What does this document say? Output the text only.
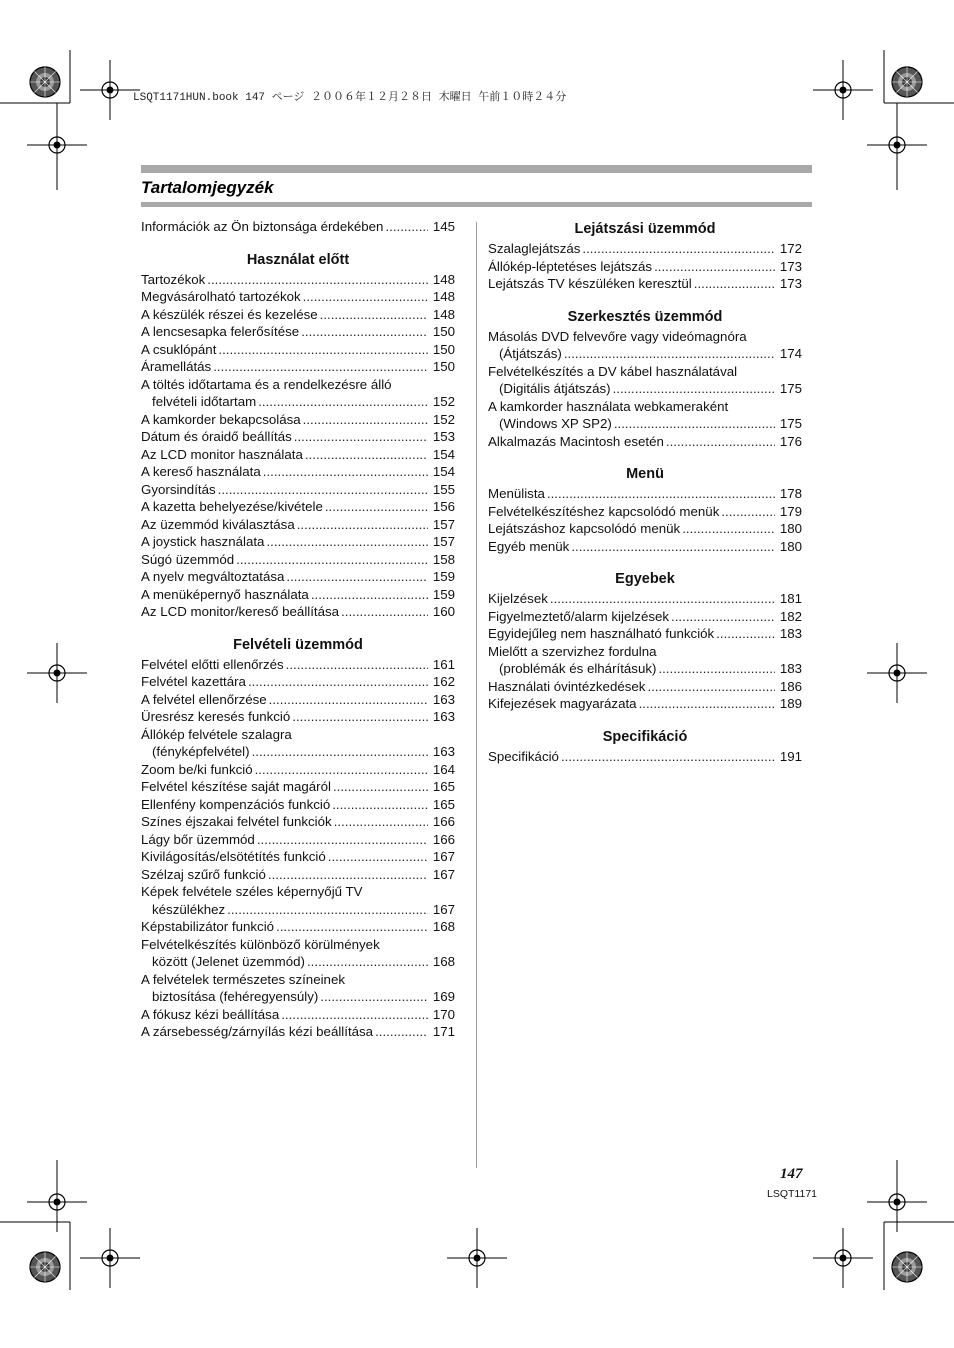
LSQT1171HUN.book 147 ページ ２００６年１２月２８日 木曜日 午前１０時２４分
Tartalomjegyzék
Információk az Ön biztonsága érdekében .....	145
Használat előtt
Tartozékok .....	148
Megvásárolható tartozékok .....	148
A készülék részei és kezelése .....	148
A lencsesapka felerősítése .....	150
A csuklópánt .....	150
Áramellátás .....	150
A töltés időtartama és a rendelkezésre álló
felvételi időtartam .....	152
A kamkorder bekapcsolása .....	152
Dátum és óraidő beállítás .....	153
Az LCD monitor használata .....	154
A kereső használata .....	154
Gyorsindítás .....	155
A kazetta behelyezése/kivétele .....	156
Az üzemmód kiválasztása .....	157
A joystick használata .....	157
Súgó üzemmód .....	158
A nyelv megváltoztatása .....	159
A menüképernyő használata .....	159
Az LCD monitor/kereső beállítása .....	160
Felvételi üzemmód
Felvétel előtti ellenőrzés .....	161
Felvétel kazettára .....	162
A felvétel ellenőrzése .....	163
Üresrész keresés funkció .....	163
Állókép felvétele szalagra
(fényképfelvétel) .....	163
Zoom be/ki funkció .....	164
Felvétel készítése saját magáról .....	165
Ellenfény kompenzációs funkció .....	165
Színes éjszakai felvétel funkciók .....	166
Lágy bőr üzemmód .....	166
Kivilágosítás/elsötétítés funkció .....	167
Szélzaj szűrő funkció .....	167
Képek felvétele széles képernyőjű TV
készülékhez .....	167
Képstabilizátor funkció .....	168
Felvételkészítés különböző körülmények
között (Jelenet üzemmód) .....	168
A felvételek természetes színeinek
biztosítása (fehéregyensúly) .....	169
A fókusz kézi beállítása .....	170
A zársebesség/zárnyílás kézi beállítása .....	171
Lejátszási üzemmód
Szalaglejátszás .....	172
Állókép-léptetéses lejátszás .....	173
Lejátszás TV készüléken keresztül .....	173
Szerkesztés üzemmód
Másolás DVD felvevőre vagy videómagnóra
(Átjátszás) .....	174
Felvételkészítés a DV kábel használatával
(Digitális átjátszás) .....	175
A kamkorder használata webkameraként
(Windows XP SP2) .....	175
Alkalmazás Macintosh esetén .....	176
Menü
Menülista .....	178
Felvételkészítéshez kapcsolódó menük .....	179
Lejátszáshoz kapcsolódó menük .....	180
Egyéb menük .....	180
Egyebek
Kijelzések .....	181
Figyelmeztető/alarm kijelzések .....	182
Egyidejűleg nem használható funkciók .....	183
Mielőtt a szervizhez fordulna
(problémák és elhárításuk) .....	183
Használati óvintézkedések .....	186
Kifejezések magyarázata .....	189
Specifikáció
Specifikáció .....	191
147
LSQT1171
